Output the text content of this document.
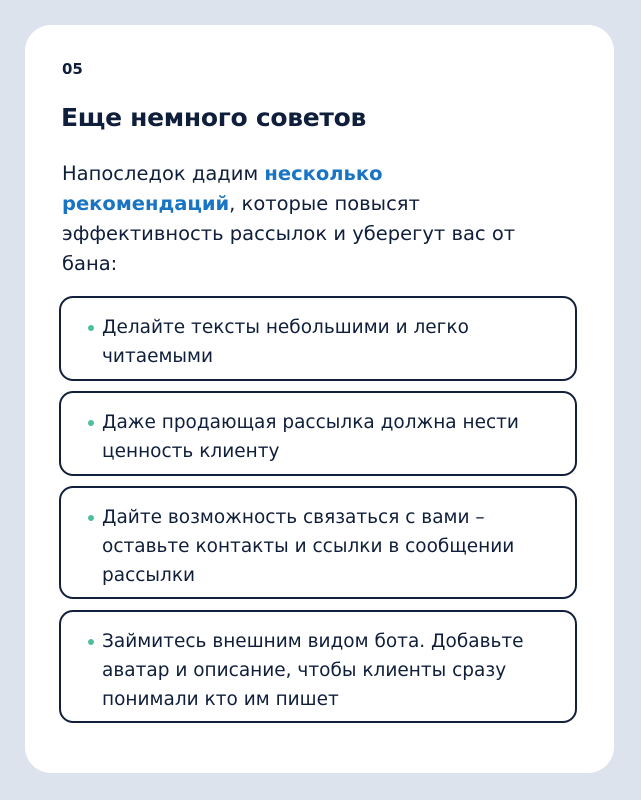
05
Еще немного советов
Напоследок дадим несколько рекомендаций, которые повысят эффективность рассылок и уберегут вас от бана:
Делайте тексты небольшими и легко читаемыми
Даже продающая рассылка должна нести ценность клиенту
Дайте возможность связаться с вами – оставьте контакты и ссылки в сообщении рассылки
Займитесь внешним видом бота. Добавьте аватар и описание, чтобы клиенты сразу понимали кто им пишет
